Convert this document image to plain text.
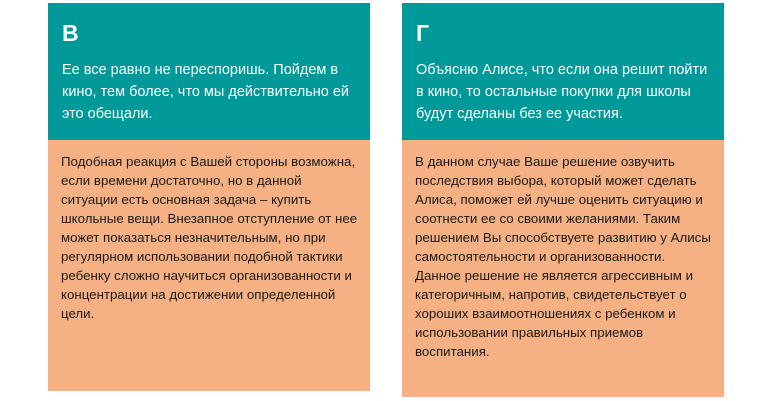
В
Ее все равно не переспоришь. Пойдем в кино, тем более, что мы действительно ей это обещали.
Подобная реакция с Вашей стороны возможна, если времени достаточно, но в данной ситуации есть основная задача – купить школьные вещи. Внезапное отступление от нее может показаться незначительным, но при регулярном использовании подобной тактики ребенку сложно научиться организованности и концентрации на достижении определенной цели.
Г
Объясню Алисе, что если она решит пойти в кино, то остальные покупки для школы будут сделаны без ее участия.
В данном случае Ваше решение озвучить последствия выбора, который может сделать Алиса, поможет ей лучше оценить ситуацию и соотнести ее со своими желаниями. Таким решением Вы способствуете развитию у Алисы самостоятельности и организованности. Данное решение не является агрессивным и категоричным, напротив, свидетельствует о хороших взаимоотношениях с ребенком и использовании правильных приемов воспитания.
